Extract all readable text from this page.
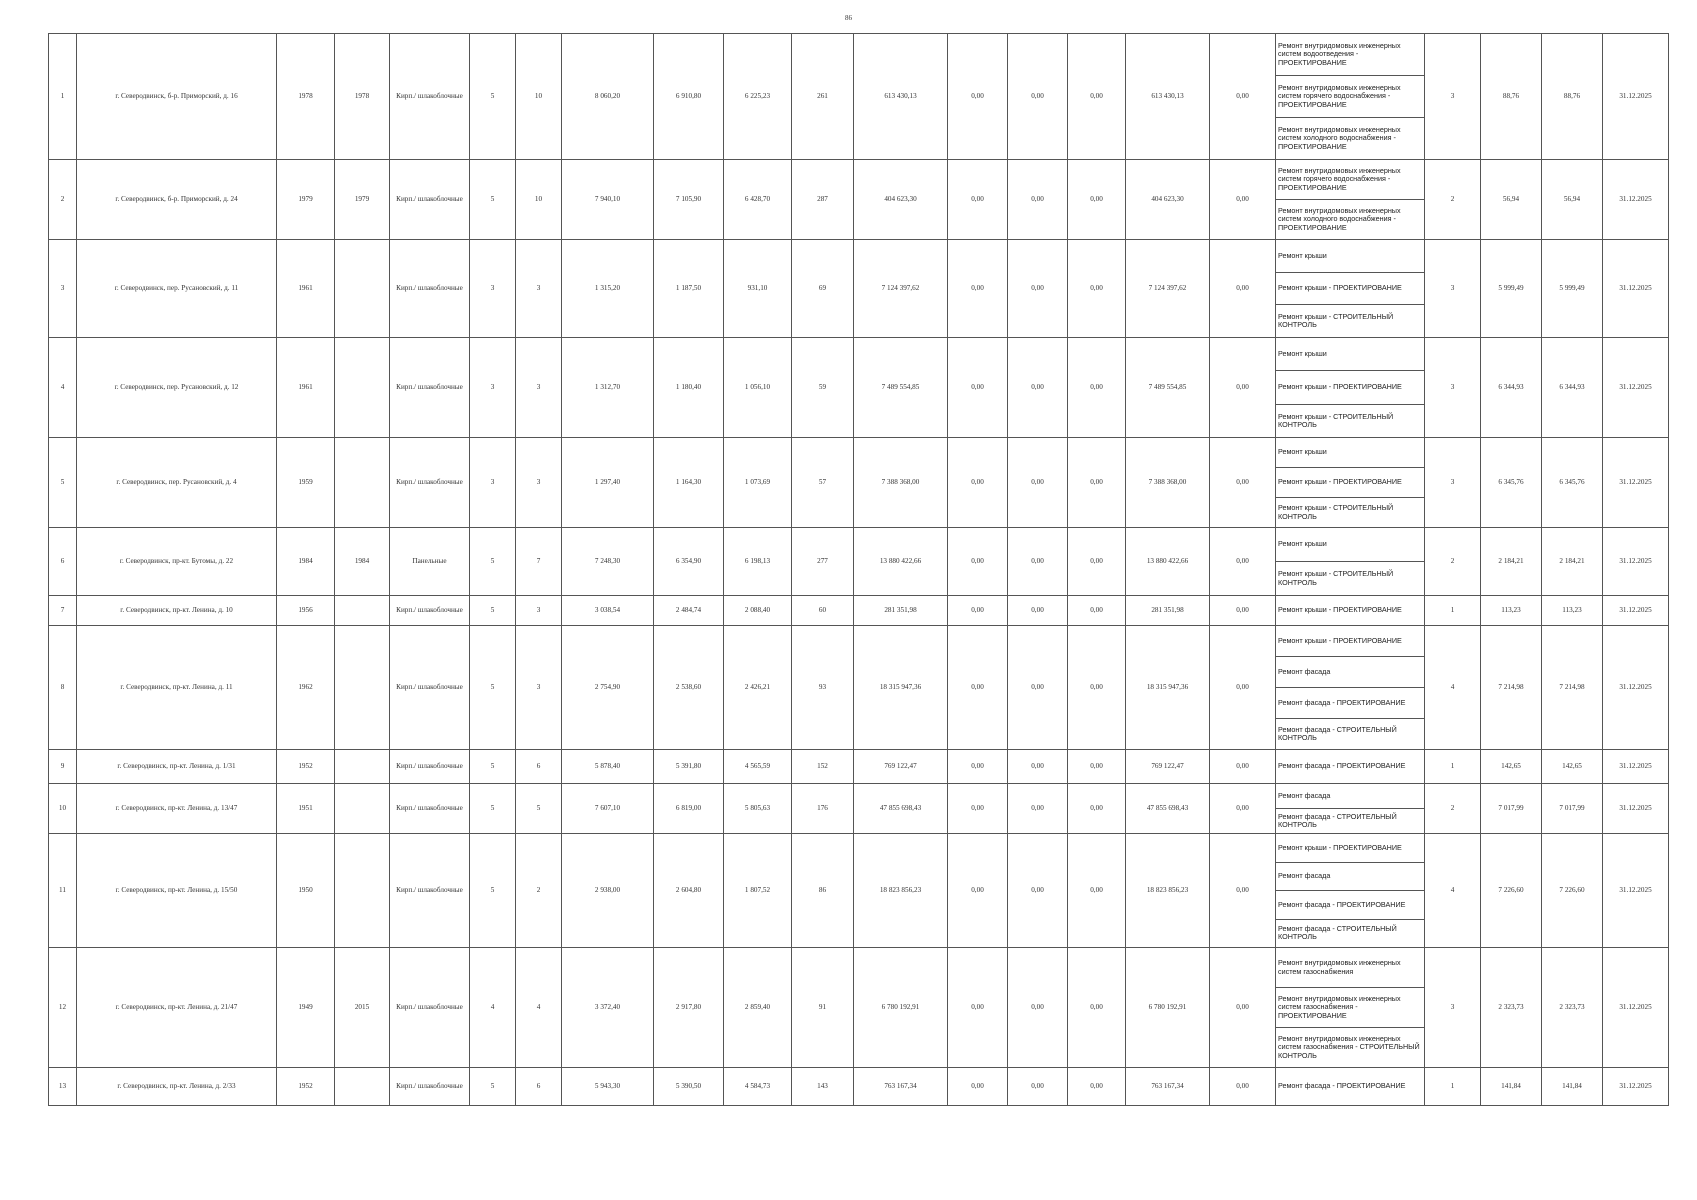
86
1	г. Северодвинск, б-р. Приморский, д. 16	1978	1978	Кирп./ шлакоблочные	5	10	8 060,20	6 910,80	6 225,23	261	613 430,13	0,00	0,00	0,00	613 430,13	0,00	Ремонт внутридомовых инженерных систем водоотведения - ПРОЕКТИРОВАНИЕ
Ремонт внутридомовых инженерных систем горячего водоснабжения - ПРОЕКТИРОВАНИЕ
Ремонт внутридомовых инженерных систем холодного водоснабжения - ПРОЕКТИРОВАНИЕ	3	88,76	88,76	31.12.2025
2	г. Северодвинск, б-р. Приморский, д. 24	1979	1979	Кирп./ шлакоблочные	5	10	7 940,10	7 105,90	6 428,70	287	404 623,30	0,00	0,00	0,00	404 623,30	0,00	Ремонт внутридомовых инженерных систем горячего водоснабжения - ПРОЕКТИРОВАНИЕ
Ремонт внутридомовых инженерных систем холодного водоснабжения - ПРОЕКТИРОВАНИЕ	2	56,94	56,94	31.12.2025
3	г. Северодвинск, пер. Русановский, д. 11	1961		Кирп./ шлакоблочные	3	3	1 315,20	1 187,50	931,10	69	7 124 397,62	0,00	0,00	0,00	7 124 397,62	0,00	Ремонт крыши
Ремонт крыши - ПРОЕКТИРОВАНИЕ
Ремонт крыши - СТРОИТЕЛЬНЫЙ КОНТРОЛЬ	3	5 999,49	5 999,49	31.12.2025
4	г. Северодвинск, пер. Русановский, д. 12	1961		Кирп./ шлакоблочные	3	3	1 312,70	1 180,40	1 056,10	59	7 489 554,85	0,00	0,00	0,00	7 489 554,85	0,00	Ремонт крыши
Ремонт крыши - ПРОЕКТИРОВАНИЕ
Ремонт крыши - СТРОИТЕЛЬНЫЙ КОНТРОЛЬ	3	6 344,93	6 344,93	31.12.2025
5	г. Северодвинск, пер. Русановский, д. 4	1959		Кирп./ шлакоблочные	3	3	1 297,40	1 164,30	1 073,69	57	7 388 368,00	0,00	0,00	0,00	7 388 368,00	0,00	Ремонт крыши
Ремонт крыши - ПРОЕКТИРОВАНИЕ
Ремонт крыши - СТРОИТЕЛЬНЫЙ КОНТРОЛЬ	3	6 345,76	6 345,76	31.12.2025
6	г. Северодвинск, пр-кт. Бутомы, д. 22	1984	1984	Панельные	5	7	7 248,30	6 354,90	6 198,13	277	13 880 422,66	0,00	0,00	0,00	13 880 422,66	0,00	Ремонт крыши
Ремонт крыши - СТРОИТЕЛЬНЫЙ КОНТРОЛЬ	2	2 184,21	2 184,21	31.12.2025
7	г. Северодвинск, пр-кт. Ленина, д. 10	1956		Кирп./ шлакоблочные	5	3	3 038,54	2 484,74	2 088,40	60	281 351,98	0,00	0,00	0,00	281 351,98	0,00	Ремонт крыши - ПРОЕКТИРОВАНИЕ	1	113,23	113,23	31.12.2025
8	г. Северодвинск, пр-кт. Ленина, д. 11	1962		Кирп./ шлакоблочные	5	3	2 754,90	2 538,60	2 426,21	93	18 315 947,36	0,00	0,00	0,00	18 315 947,36	0,00	Ремонт крыши - ПРОЕКТИРОВАНИЕ
Ремонт фасада
Ремонт фасада - ПРОЕКТИРОВАНИЕ
Ремонт фасада - СТРОИТЕЛЬНЫЙ КОНТРОЛЬ	4	7 214,98	7 214,98	31.12.2025
9	г. Северодвинск, пр-кт. Ленина, д. 1/31	1952		Кирп./ шлакоблочные	5	6	5 878,40	5 391,80	4 565,59	152	769 122,47	0,00	0,00	0,00	769 122,47	0,00	Ремонт фасада - ПРОЕКТИРОВАНИЕ	1	142,65	142,65	31.12.2025
10	г. Северодвинск, пр-кт. Ленина, д. 13/47	1951		Кирп./ шлакоблочные	5	5	7 607,10	6 819,00	5 805,63	176	47 855 698,43	0,00	0,00	0,00	47 855 698,43	0,00	Ремонт фасада
Ремонт фасада - СТРОИТЕЛЬНЫЙ КОНТРОЛЬ	2	7 017,99	7 017,99	31.12.2025
11	г. Северодвинск, пр-кт. Ленина, д. 15/50	1950		Кирп./ шлакоблочные	5	2	2 938,00	2 604,80	1 807,52	86	18 823 856,23	0,00	0,00	0,00	18 823 856,23	0,00	Ремонт крыши - ПРОЕКТИРОВАНИЕ
Ремонт фасада
Ремонт фасада - ПРОЕКТИРОВАНИЕ
Ремонт фасада - СТРОИТЕЛЬНЫЙ КОНТРОЛЬ	4	7 226,60	7 226,60	31.12.2025
12	г. Северодвинск, пр-кт. Ленина, д. 21/47	1949	2015	Кирп./ шлакоблочные	4	4	3 372,40	2 917,80	2 859,40	91	6 780 192,91	0,00	0,00	0,00	6 780 192,91	0,00	Ремонт внутридомовых инженерных систем газоснабжения
Ремонт внутридомовых инженерных систем газоснабжения - ПРОЕКТИРОВАНИЕ
Ремонт внутридомовых инженерных систем газоснабжения - СТРОИТЕЛЬНЫЙ КОНТРОЛЬ	3	2 323,73	2 323,73	31.12.2025
13	г. Северодвинск, пр-кт. Ленина, д. 2/33	1952		Кирп./ шлакоблочные	5	6	5 943,30	5 390,50	4 584,73	143	763 167,34	0,00	0,00	0,00	763 167,34	0,00	Ремонт фасада - ПРОЕКТИРОВАНИЕ	1	141,84	141,84	31.12.2025
